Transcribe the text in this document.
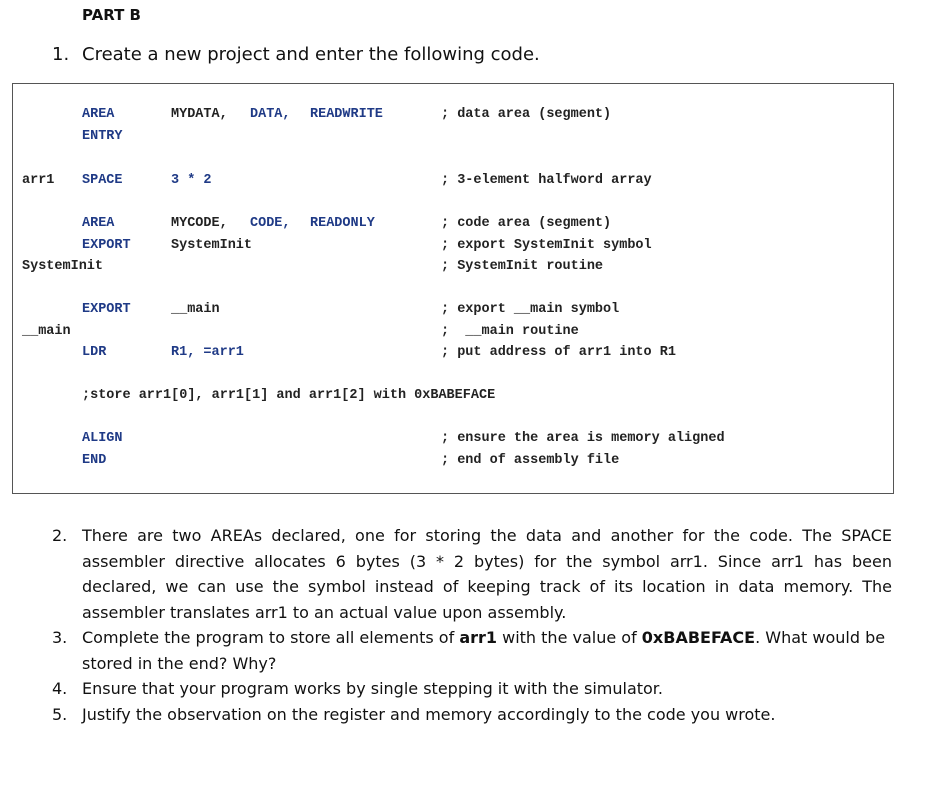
PART B
1. Create a new project and enter the following code.
AREA	MYDATA, DATA, READWRITE	; data area (segment)
ENTRY
arr1 SPACE	3 * 2	; 3-element halfword array
AREA	MYCODE, CODE, READONLY	; code area (segment)
EXPORT	SystemInit	; export SystemInit symbol
SystemInit	; SystemInit routine
EXPORT	__main	; export __main symbol
__main	;  __main routine
LDR	R1, =arr1	; put address of arr1 into R1
;store arr1[0], arr1[1] and arr1[2] with 0xBABEFACE
ALIGN	; ensure the area is memory aligned
END	; end of assembly file
2. There are two AREAs declared, one for storing the data and another for the code. The SPACE assembler directive allocates 6 bytes (3 * 2 bytes) for the symbol arr1. Since arr1 has been declared, we can use the symbol instead of keeping track of its location in data memory. The assembler translates arr1 to an actual value upon assembly.
3. Complete the program to store all elements of arr1 with the value of 0xBABEFACE. What would be stored in the end? Why?
4. Ensure that your program works by single stepping it with the simulator.
5. Justify the observation on the register and memory accordingly to the code you wrote.
